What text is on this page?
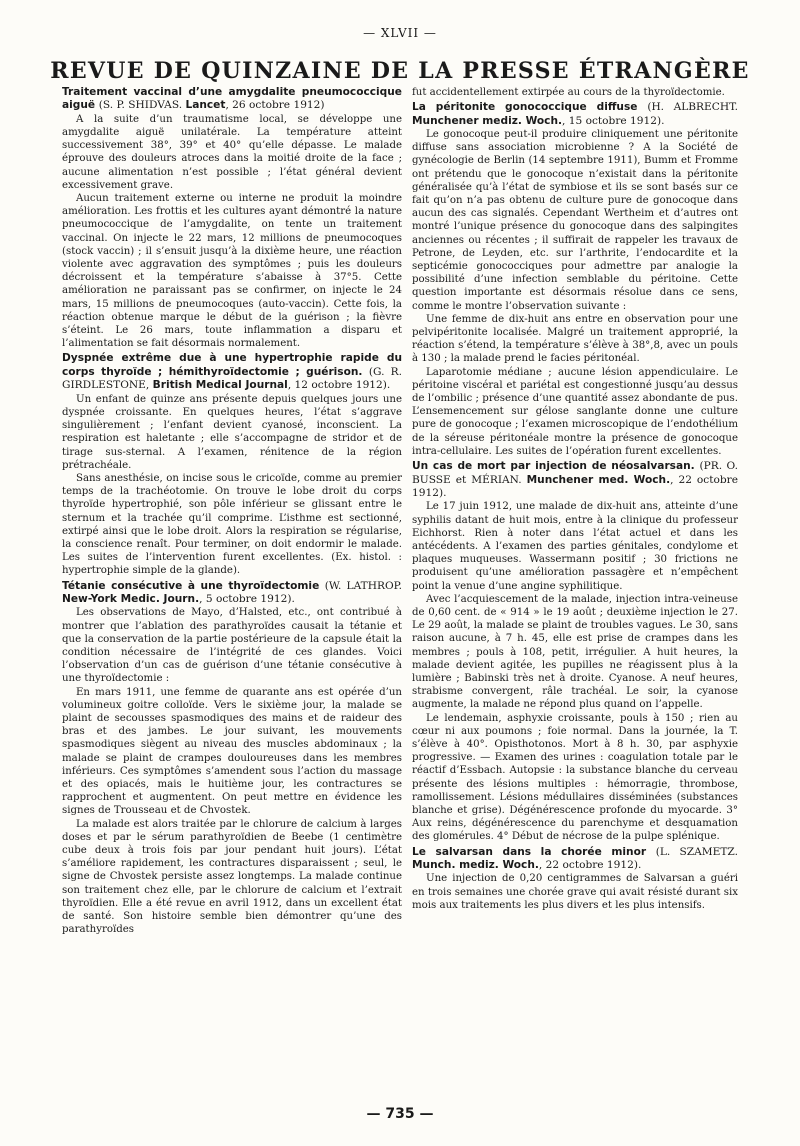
— XLVII —
REVUE DE QUINZAINE DE LA PRESSE ÉTRANGÈRE

Traitement vaccinal d’une amygdalite pneumococcique aiguë (S. P. SHIDVAS. Lancet, 26 octobre 1912)

A la suite d’un traumatisme local, se développe une amygdalite aiguë unilatérale. La température atteint successivement 38°, 39° et 40° qu’elle dépasse. Le malade éprouve des douleurs atroces dans la moitié droite de la face ; aucune alimentation n’est possible ; l’état général devient excessivement grave.

Aucun traitement externe ou interne ne produit la moindre amélioration. Les frottis et les cultures ayant démontré la nature pneumococcique de l’amygdalite, on tente un traitement vaccinal. On injecte le 22 mars, 12 millions de pneumocoques (stock vaccin) ; il s’ensuit jusqu’à la dixième heure, une réaction violente avec aggravation des symptômes ; puis les douleurs décroissent et la température s’abaisse à 37°5. Cette amélioration ne paraissant pas se confirmer, on injecte le 24 mars, 15 millions de pneumocoques (auto-vaccin). Cette fois, la réaction obtenue marque le début de la guérison ; la fièvre s’éteint. Le 26 mars, toute inflammation a disparu et l’alimentation se fait désormais normalement.

Dyspnée extrême due à une hypertrophie rapide du corps thyroïde ; hémithyroïdectomie ; guérison. (G. R. GIRDLESTONE, British Medical Journal, 12 octobre 1912).

Un enfant de quinze ans présente depuis quelques jours une dyspnée croissante. En quelques heures, l’état s’aggrave singulièrement ; l’enfant devient cyanosé, inconscient. La respiration est haletante ; elle s’accompagne de stridor et de tirage sus-sternal. A l’examen, rénitence de la région prétrachéale.

Sans anesthésie, on incise sous le cricoïde, comme au premier temps de la trachéotomie. On trouve le lobe droit du corps thyroïde hypertrophié, son pôle inférieur se glissant entre le sternum et la trachée qu’il comprime. L’isthme est sectionné, extirpé ainsi que le lobe droit. Alors la respiration se régularise, la conscience renaît. Pour terminer, on doit endormir le malade. Les suites de l’intervention furent excellentes. (Ex. histol. : hypertrophie simple de la glande).

Tétanie consécutive à une thyroïdectomie (W. LATHROP. New-York Medic. Journ., 5 octobre 1912).

Les observations de Mayo, d’Halsted, etc., ont contribué à montrer que l’ablation des parathyroïdes causait la tétanie et que la conservation de la partie postérieure de la capsule était la condition nécessaire de l’intégrité de ces glandes. Voici l’observation d’un cas de guérison d’une tétanie consécutive à une thyroïdectomie :

En mars 1911, une femme de quarante ans est opérée d’un volumineux goitre colloïde. Vers le sixième jour, la malade se plaint de secousses spasmodiques des mains et de raideur des bras et des jambes. Le jour suivant, les mouvements spasmodiques siègent au niveau des muscles abdominaux ; la malade se plaint de crampes douloureuses dans les membres inférieurs. Ces symptômes s’amendent sous l’action du massage et des opiacés, mais le huitième jour, les contractures se rapprochent et augmentent. On peut mettre en évidence les signes de Trousseau et de Chvostek.

La malade est alors traitée par le chlorure de calcium à larges doses et par le sérum parathyroïdien de Beebe (1 centimètre cube deux à trois fois par jour pendant huit jours). L’état s’améliore rapidement, les contractures disparaissent ; seul, le signe de Chvostek persiste assez longtemps. La malade continue son traitement chez elle, par le chlorure de calcium et l’extrait thyroïdien. Elle a été revue en avril 1912, dans un excellent état de santé. Son histoire semble bien démontrer qu’une des parathyroïdes

fut accidentellement extirpée au cours de la thyroïdectomie.

La péritonite gonococcique diffuse (H. ALBRECHT. Munchener mediz. Woch., 15 octobre 1912).

Le gonocoque peut-il produire cliniquement une péritonite diffuse sans association microbienne ? A la Société de gynécologie de Berlin (14 septembre 1911), Bumm et Fromme ont prétendu que le gonocoque n’existait dans la péritonite généralisée qu’à l’état de symbiose et ils se sont basés sur ce fait qu’on n’a pas obtenu de culture pure de gonocoque dans aucun des cas signalés. Cependant Wertheim et d’autres ont montré l’unique présence du gonocoque dans des salpingites anciennes ou récentes ; il suffirait de rappeler les travaux de Petrone, de Leyden, etc. sur l’arthrite, l’endocardite et la septicémie gonococciques pour admettre par analogie la possibilité d’une infection semblable du péritoine. Cette question importante est désormais résolue dans ce sens, comme le montre l’observation suivante :

Une femme de dix-huit ans entre en observation pour une pelvipéritonite localisée. Malgré un traitement approprié, la réaction s’étend, la température s’élève à 38°,8, avec un pouls à 130 ; la malade prend le facies péritonéal.

Laparotomie médiane ; aucune lésion appendiculaire. Le péritoine viscéral et pariétal est congestionné jusqu’au dessus de l’ombilic ; présence d’une quantité assez abondante de pus. L’ensemencement sur gélose sanglante donne une culture pure de gonocoque ; l’examen microscopique de l’endothélium de la séreuse péritonéale montre la présence de gonocoque intra-cellulaire. Les suites de l’opération furent excellentes.

Un cas de mort par injection de néosalvarsan. (PR. O. BUSSE et MÉRIAN. Munchener med. Woch., 22 octobre 1912).

Le 17 juin 1912, une malade de dix-huit ans, atteinte d’une syphilis datant de huit mois, entre à la clinique du professeur Eichhorst. Rien à noter dans l’état actuel et dans les antécédents. A l’examen des parties génitales, condylome et plaques muqueuses. Wassermann positif ; 30 frictions ne produisent qu’une amélioration passagère et n’empêchent point la venue d’une angine syphilitique.

Avec l’acquiescement de la malade, injection intra-veineuse de 0,60 cent. de « 914 » le 19 août ; deuxième injection le 27. Le 29 août, la malade se plaint de troubles vagues. Le 30, sans raison aucune, à 7 h. 45, elle est prise de crampes dans les membres ; pouls à 108, petit, irrégulier. A huit heures, la malade devient agitée, les pupilles ne réagissent plus à la lumière ; Babinski très net à droite. Cyanose. A neuf heures, strabisme convergent, râle trachéal. Le soir, la cyanose augmente, la malade ne répond plus quand on l’appelle.

Le lendemain, asphyxie croissante, pouls à 150 ; rien au cœur ni aux poumons ; foie normal. Dans la journée, la T. s’élève à 40°. Opisthotonos. Mort à 8 h. 30, par asphyxie progressive. — Examen des urines : coagulation totale par le réactif d’Essbach. Autopsie : la substance blanche du cerveau présente des lésions multiples : hémorragie, thrombose, ramollissement. Lésions médullaires disséminées (substances blanche et grise). Dégénérescence profonde du myocarde. 3° Aux reins, dégénérescence du parenchyme et desquamation des glomérules. 4° Début de nécrose de la pulpe splénique.

Le salvarsan dans la chorée minor (L. SZAMETZ. Munch. mediz. Woch., 22 octobre 1912).

Une injection de 0,20 centigrammes de Salvarsan a guéri en trois semaines une chorée grave qui avait résisté durant six mois aux traitements les plus divers et les plus intensifs.

— 735 —
